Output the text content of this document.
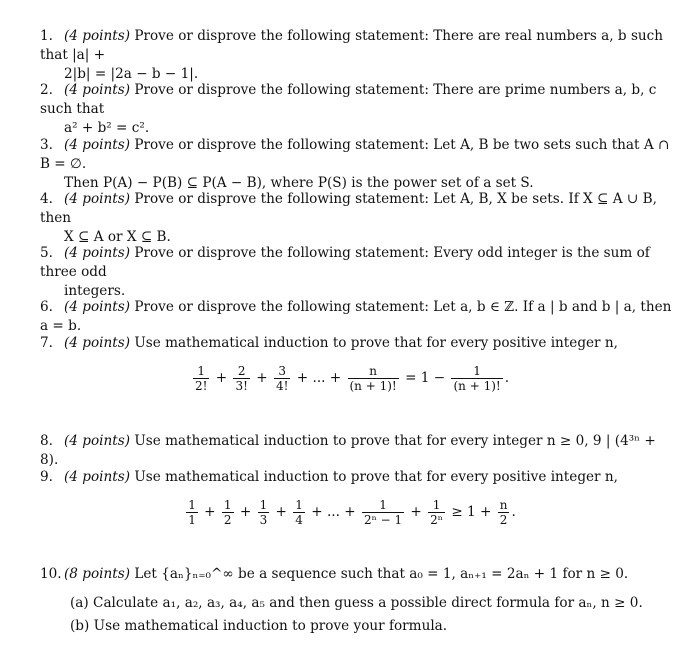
1. (4 points) Prove or disprove the following statement: There are real numbers a, b such that |a| +
2|b| = |2a − b − 1|.
2. (4 points) Prove or disprove the following statement: There are prime numbers a, b, c such that
a² + b² = c².
3. (4 points) Prove or disprove the following statement: Let A, B be two sets such that A ∩ B = ∅.
Then P(A) − P(B) ⊆ P(A − B), where P(S) is the power set of a set S.
4. (4 points) Prove or disprove the following statement: Let A, B, X be sets. If X ⊆ A ∪ B, then
X ⊆ A or X ⊆ B.
5. (4 points) Prove or disprove the following statement: Every odd integer is the sum of three odd
integers.
6. (4 points) Prove or disprove the following statement: Let a, b ∈ ℤ. If a | b and b | a, then a = b.
7. (4 points) Use mathematical induction to prove that for every positive integer n,
$\frac{1}{2!} + \frac{2}{3!} + \frac{3}{4!}$ + ... + $\frac{n}{(n + 1)!} = 1 - \frac{1}{(n + 1)!}$ .
8. (4 points) Use mathematical induction to prove that for every integer n ≥ 0, 9 | (4³ⁿ + 8).
9. (4 points) Use mathematical induction to prove that for every positive integer n,
$\frac{1}{1} + \frac{1}{2} + \frac{1}{3} + \frac{1}{4}$ + ... + $\frac{1}{\text{2ⁿ − 1}} + \frac{1}{\text{2ⁿ}} \ge 1 + \frac{n}{2}$ .
10. (8 points) Let {aₙ}ₙ₌₀^∞ be a sequence such that a₀ = 1, aₙ₊₁ = 2aₙ + 1 for n ≥ 0.
(a) Calculate a₁, a₂, a₃, a₄, a₅ and then guess a possible direct formula for aₙ, n ≥ 0.
(b) Use mathematical induction to prove your formula.
